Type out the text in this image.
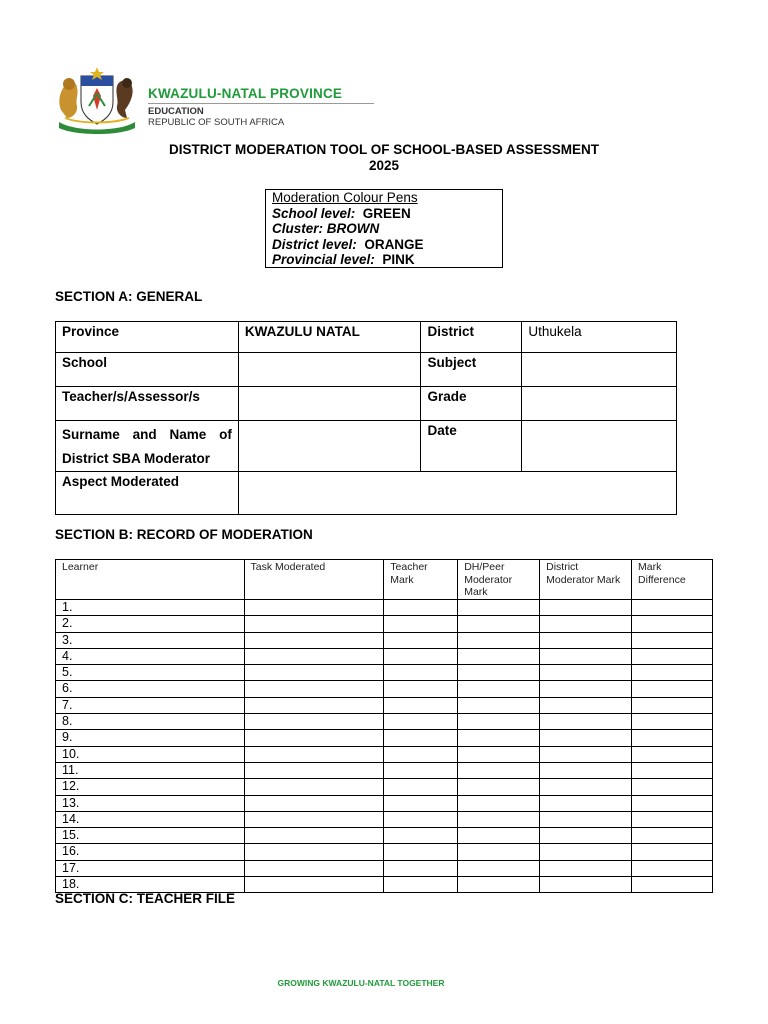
KWAZULU-NATAL PROVINCE
EDUCATION
REPUBLIC OF SOUTH AFRICA
DISTRICT MODERATION TOOL OF SCHOOL-BASED ASSESSMENT
2025
Moderation Colour Pens
School level: GREEN
Cluster: BROWN
District level: ORANGE
Provincial level: PINK
SECTION A: GENERAL
Province	KWAZULU NATAL	District	Uthukela
School		Subject	
Teacher/s/Assessor/s		Grade	

Surname and Name of
District SBA Moderator		Date	
Aspect Moderated			
SECTION B: RECORD OF MODERATION
Learner	Task Moderated	Teacher Mark	DH/Peer Moderator Mark	District Moderator Mark	Mark Difference
1.					
2.					
3.					
4.					
5.					
6.					
7.					
8.					
9.					
10.					
11.					
12.					
13.					
14.					
15.					
16.					
17.					
18.					
SECTION C: TEACHER FILE
GROWING KWAZULU-NATAL TOGETHER
